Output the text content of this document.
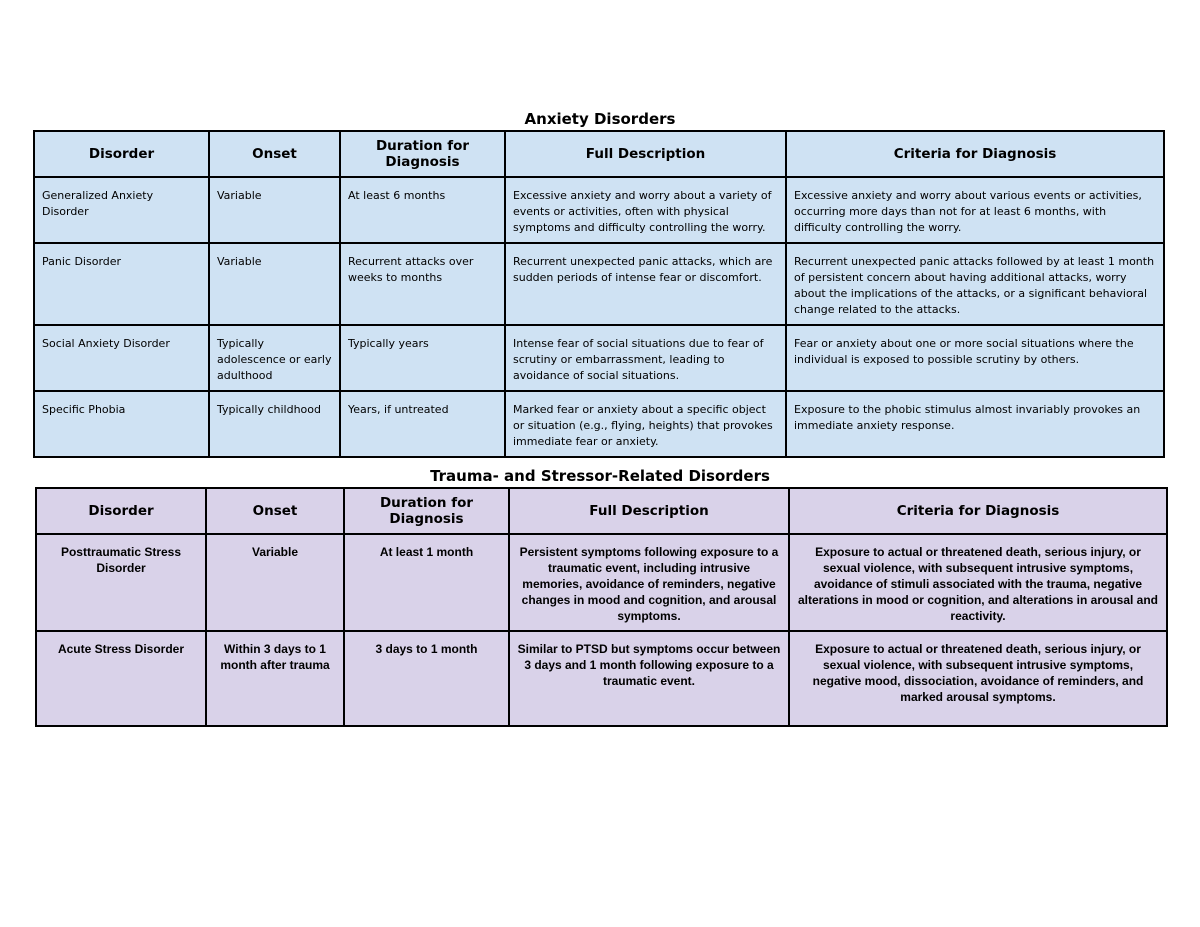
Anxiety Disorders
Disorder	Onset	Duration for Diagnosis	Full Description	Criteria for Diagnosis
Generalized Anxiety Disorder	Variable	At least 6 months	Excessive anxiety and worry about a variety of events or activities, often with physical symptoms and difficulty controlling the worry.	Excessive anxiety and worry about various events or activities, occurring more days than not for at least 6 months, with difficulty controlling the worry.
Panic Disorder	Variable	Recurrent attacks over weeks to months	Recurrent unexpected panic attacks, which are sudden periods of intense fear or discomfort.	Recurrent unexpected panic attacks followed by at least 1 month of persistent concern about having additional attacks, worry about the implications of the attacks, or a significant behavioral change related to the attacks.
Social Anxiety Disorder	Typically adolescence or early adulthood	Typically years	Intense fear of social situations due to fear of scrutiny or embarrassment, leading to avoidance of social situations.	Fear or anxiety about one or more social situations where the individual is exposed to possible scrutiny by others.
Specific Phobia	Typically childhood	Years, if untreated	Marked fear or anxiety about a specific object or situation (e.g., flying, heights) that provokes immediate fear or anxiety.	Exposure to the phobic stimulus almost invariably provokes an immediate anxiety response.
Trauma- and Stressor-Related Disorders
Disorder	Onset	Duration for Diagnosis	Full Description	Criteria for Diagnosis
Posttraumatic Stress Disorder	Variable	At least 1 month	Persistent symptoms following exposure to a traumatic event, including intrusive memories, avoidance of reminders, negative changes in mood and cognition, and arousal symptoms.	Exposure to actual or threatened death, serious injury, or sexual violence, with subsequent intrusive symptoms, avoidance of stimuli associated with the trauma, negative alterations in mood or cognition, and alterations in arousal and reactivity.
Acute Stress Disorder	Within 3 days to 1 month after trauma	3 days to 1 month	Similar to PTSD but symptoms occur between 3 days and 1 month following exposure to a traumatic event.	Exposure to actual or threatened death, serious injury, or sexual violence, with subsequent intrusive symptoms, negative mood, dissociation, avoidance of reminders, and marked arousal symptoms.
